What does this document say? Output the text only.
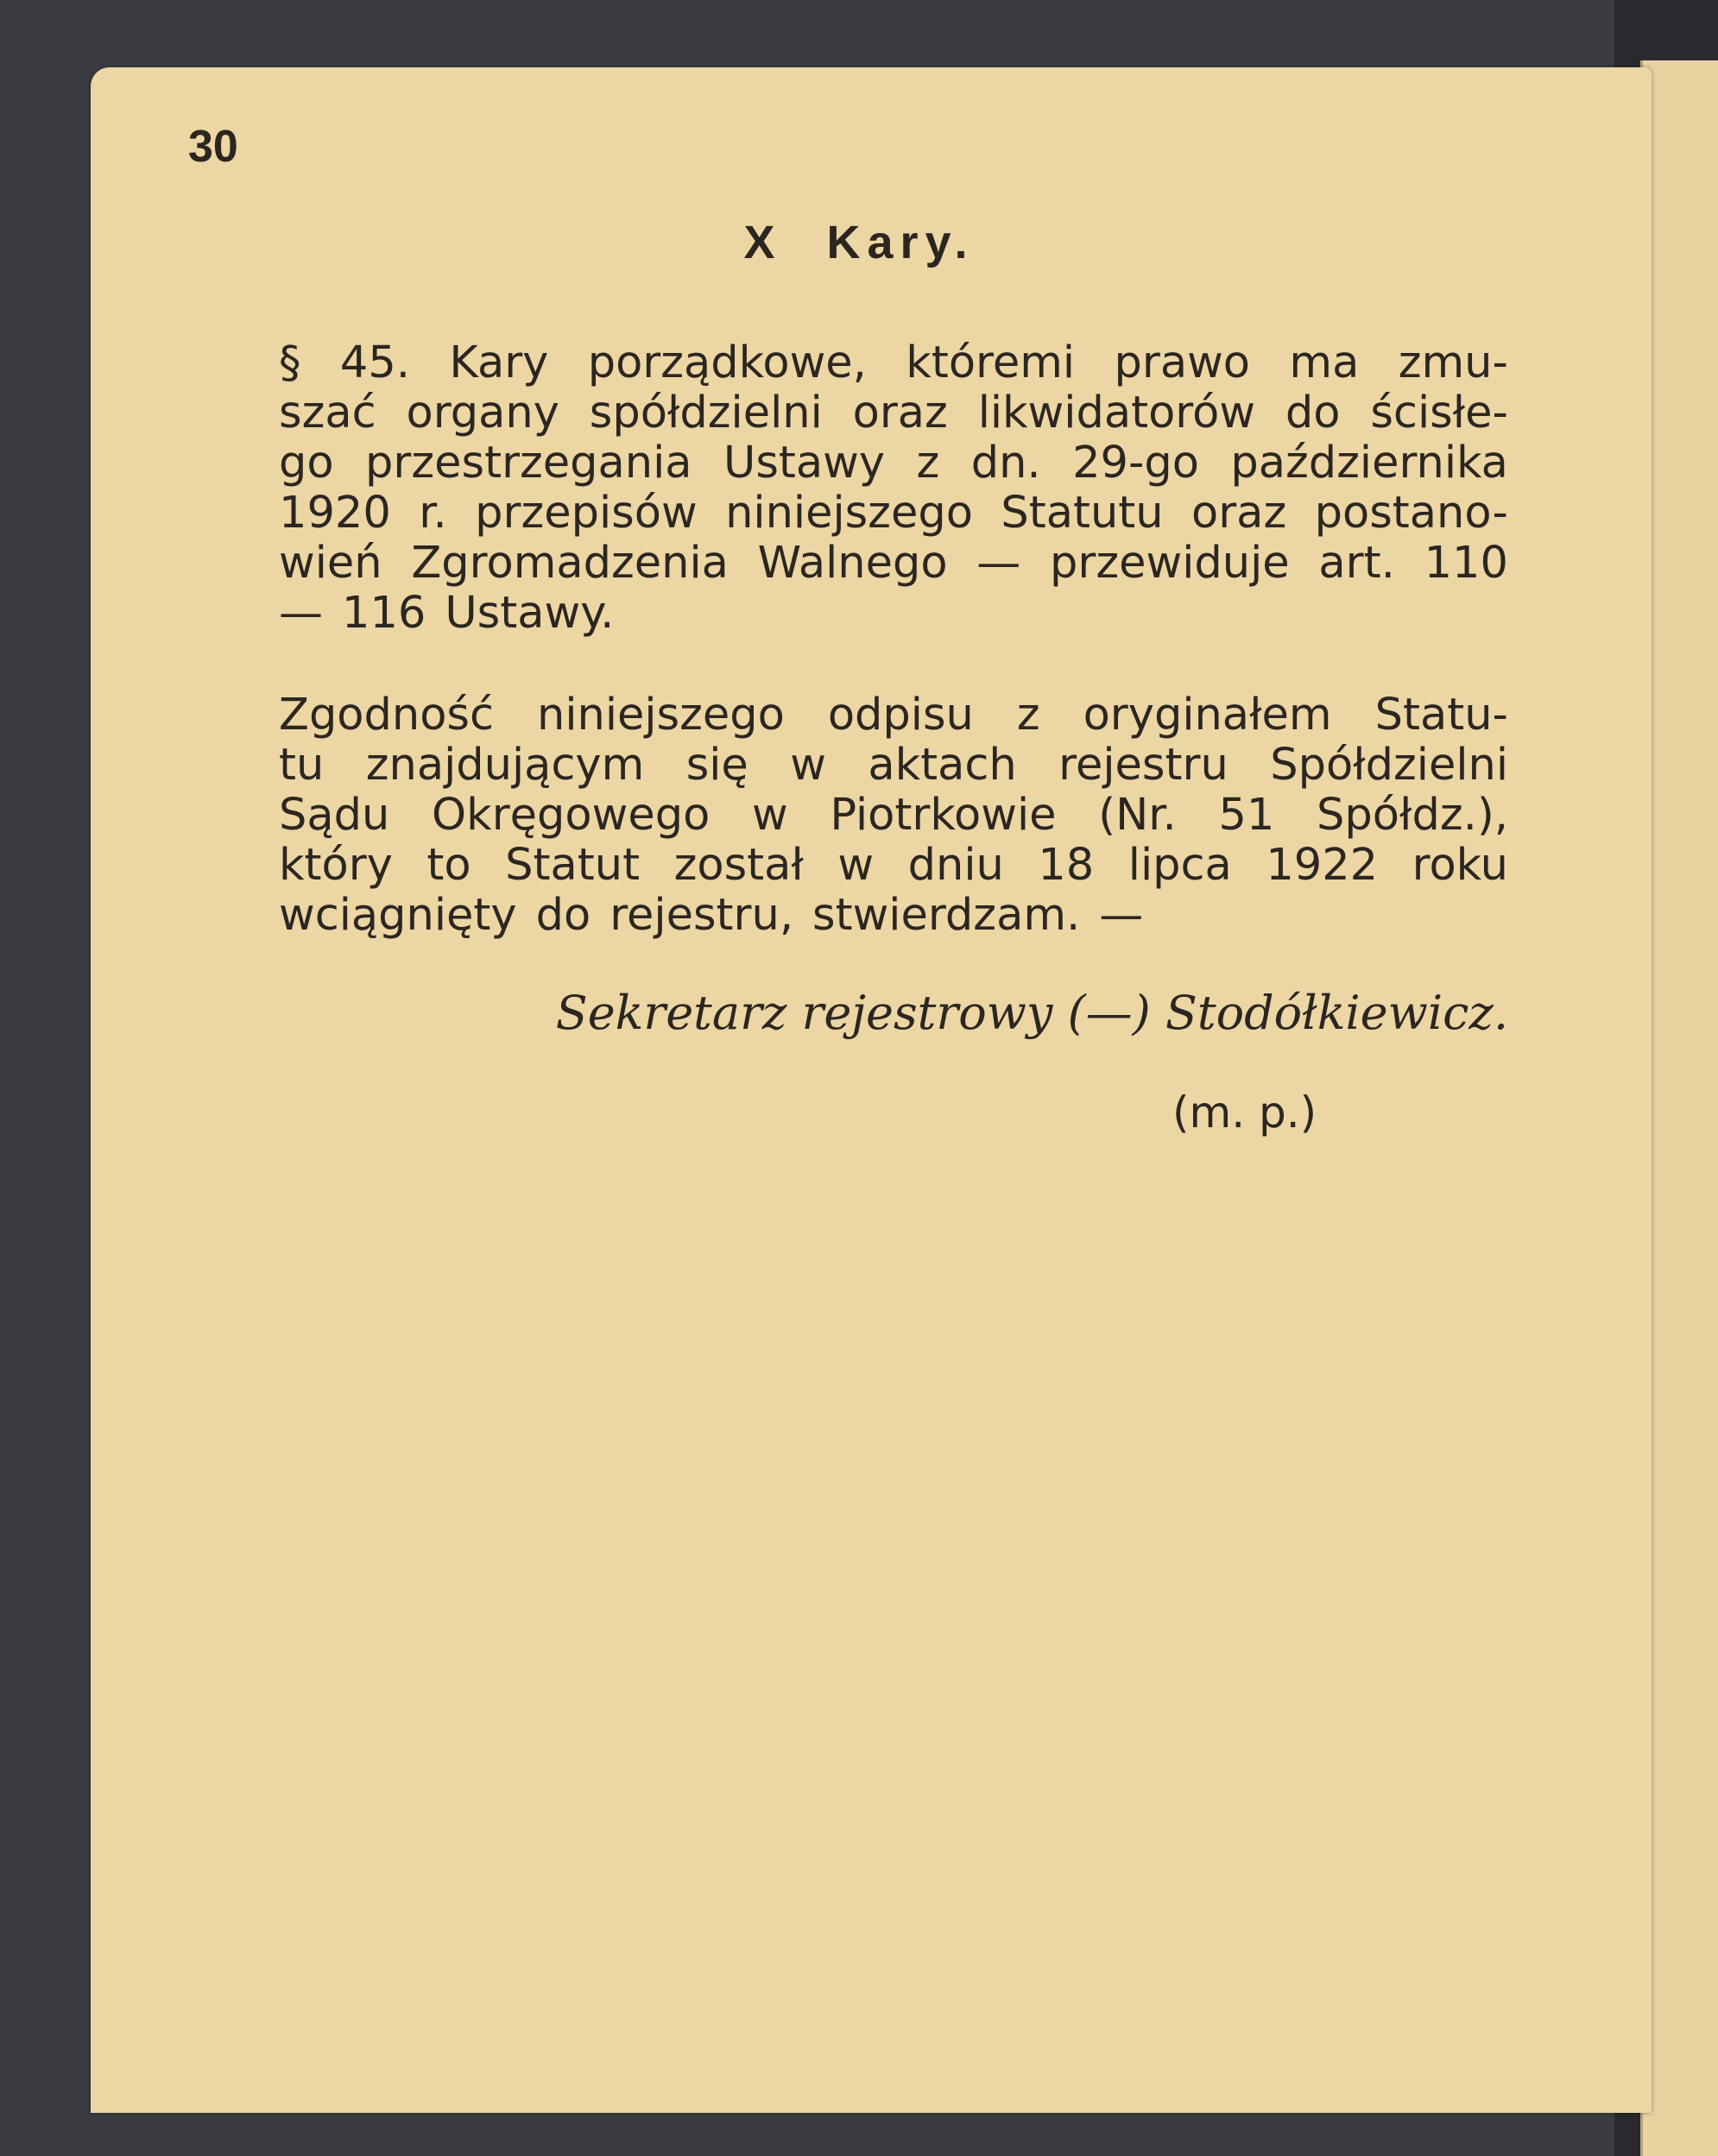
30
X Kary.
§ 45. Kary porządkowe, któremi prawo ma zmu-
szać organy spółdzielni oraz likwidatorów do ścisłe-
go przestrzegania Ustawy z dn. 29-go października
1920 r. przepisów niniejszego Statutu oraz postano-
wień Zgromadzenia Walnego — przewiduje art. 110
— 116 Ustawy.
Zgodność niniejszego odpisu z oryginałem Statu-
tu znajdującym się w aktach rejestru Spółdzielni
Sądu Okręgowego w Piotrkowie (Nr. 51 Spółdz.),
który to Statut został w dniu 18 lipca 1922 roku
wciągnięty do rejestru, stwierdzam. —
Sekretarz rejestrowy (—) Stodółkiewicz.
(m. p.)
